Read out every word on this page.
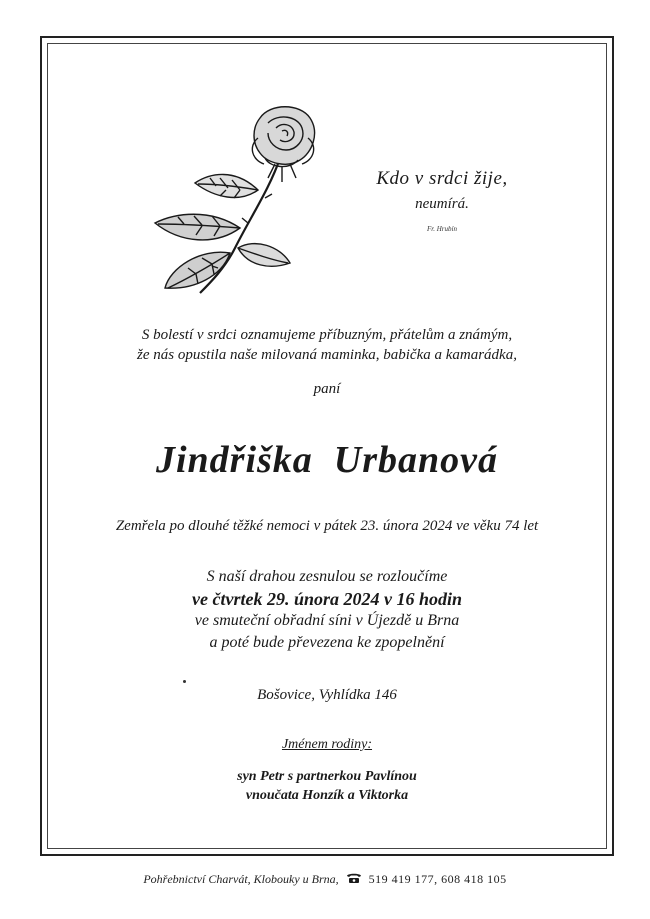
Kdo v srdci žije,
neumírá.
Fr. Hrubín
S bolestí v srdci oznamujeme příbuzným, přátelům a známým,
že nás opustila naše milovaná maminka, babička a kamarádka,
paní
Jindřiška  Urbanová
Zemřela po dlouhé těžké nemoci v pátek 23. února 2024 ve věku 74 let
S naší drahou zesnulou se rozloučíme
ve čtvrtek 29. února 2024 v 16 hodin
ve smuteční obřadní síni v Újezdě u Brna
a poté bude převezena ke zpopelnění
Bošovice, Vyhlídka 146
Jménem rodiny:
syn Petr s partnerkou Pavlínou
vnoučata Honzík a Viktorka
Pohřebnictví Charvát, Klobouky u Brna,	519 419 177, 608 418 105
